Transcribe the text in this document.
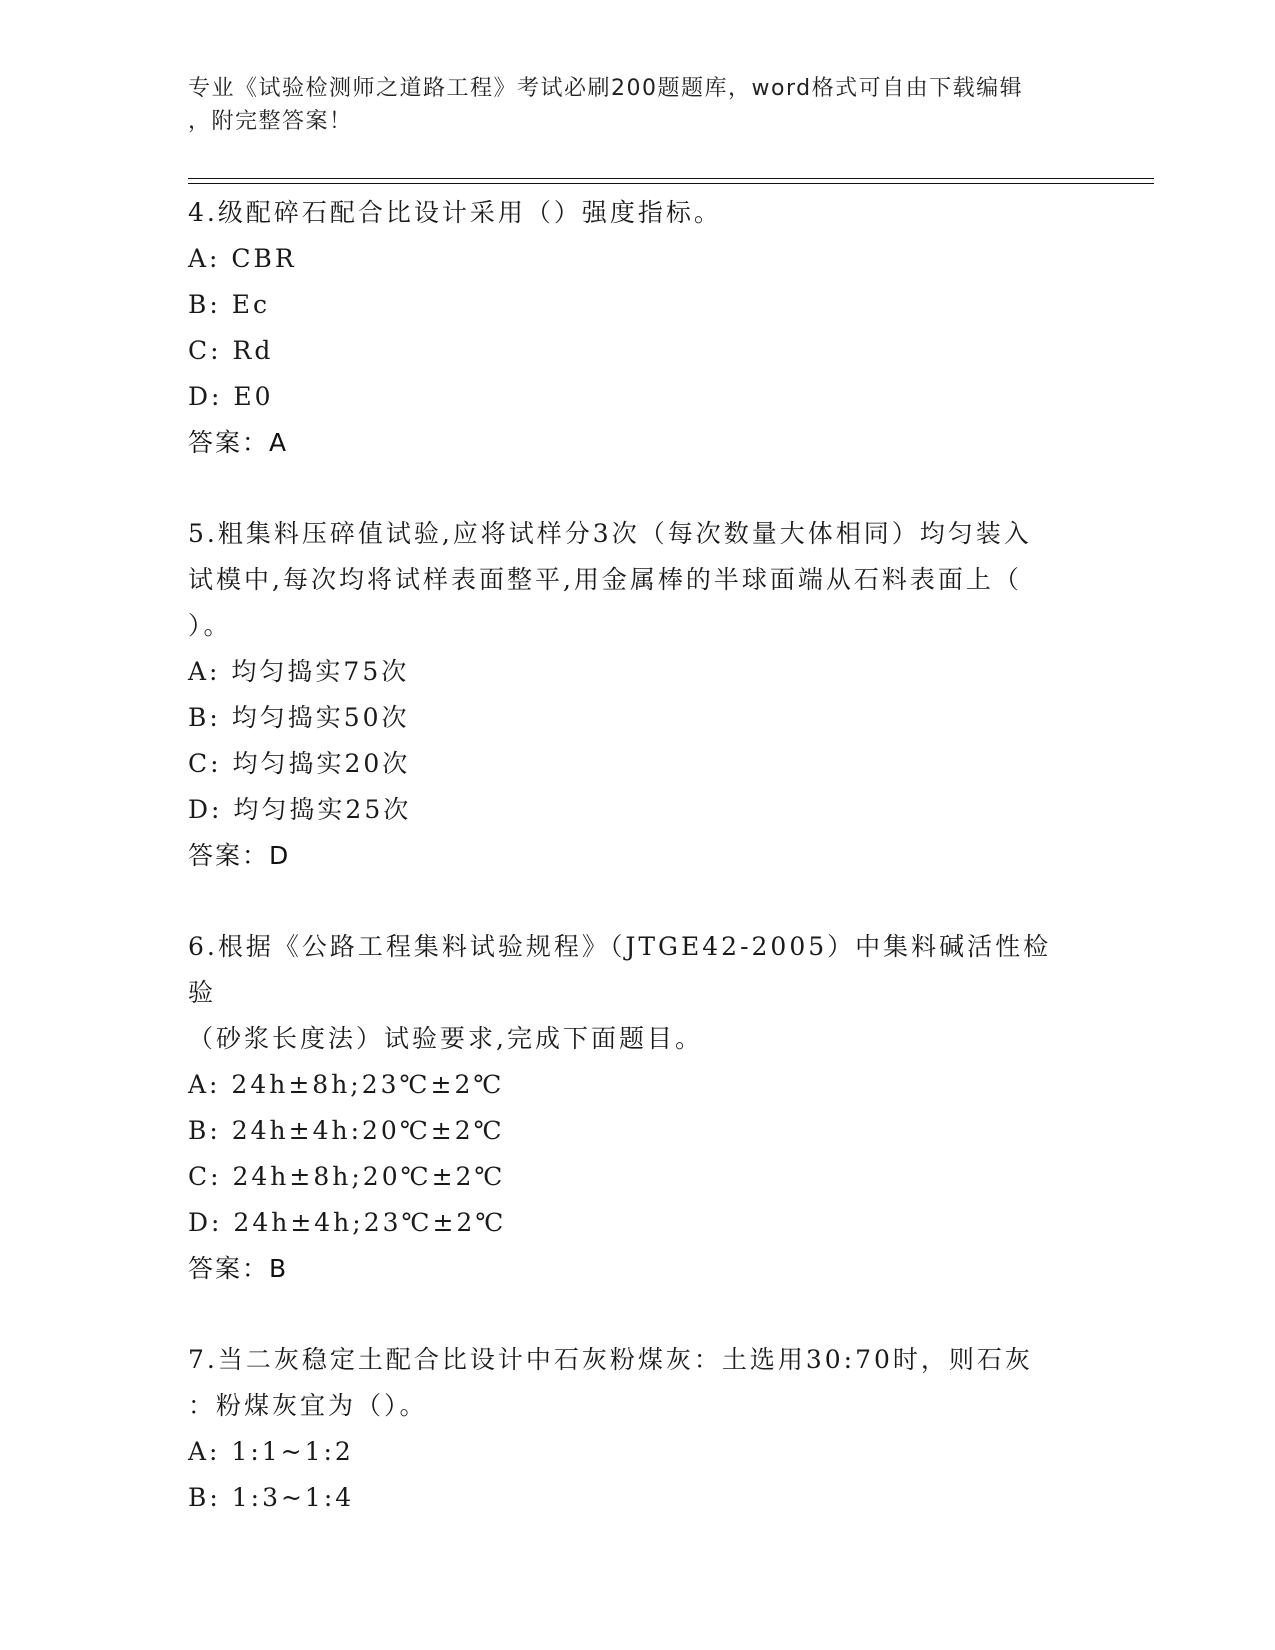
专业《试验检测师之道路工程》考试必刷200题题库，word格式可自由下载编辑
，附完整答案！
4.级配碎石配合比设计采用（）强度指标。
A: CBR
B: Ec
C: Rd
D: E0
答案：A
5.粗集料压碎值试验,应将试样分3次（每次数量大体相同）均匀装入
试模中,每次均将试样表面整平,用金属棒的半球面端从石料表面上（
）。
A: 均匀捣实75次
B: 均匀捣实50次
C: 均匀捣实20次
D: 均匀捣实25次
答案：D
6.根据《公路工程集料试验规程》（JTGE42-2005）中集料碱活性检验
（砂浆长度法）试验要求,完成下面题目。
A: 24h±8h;23℃±2℃
B: 24h±4h:20℃±2℃
C: 24h±8h;20℃±2℃
D: 24h±4h;23℃±2℃
答案：B
7.当二灰稳定土配合比设计中石灰粉煤灰：土选用30:70时，则石灰
：粉煤灰宜为（）。
A: 1:1~1:2
B: 1:3~1:4
